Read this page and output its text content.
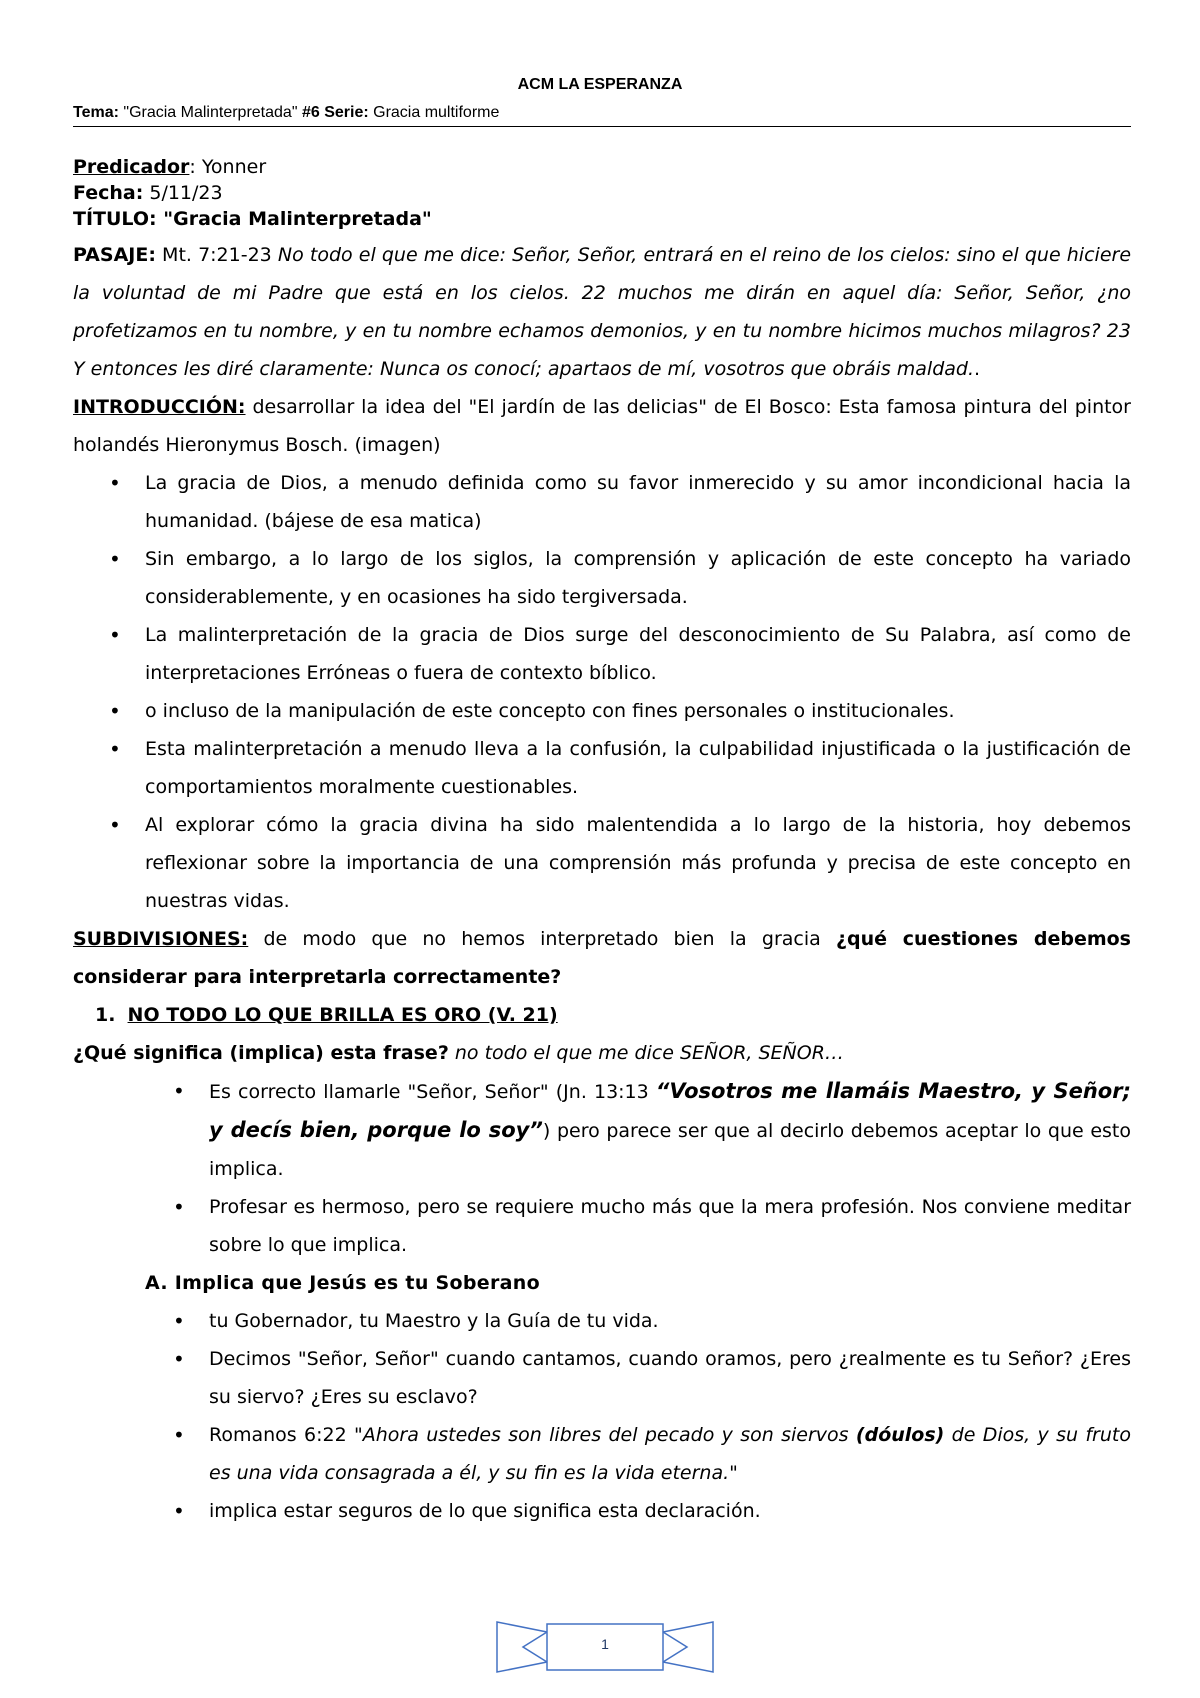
ACM LA ESPERANZA
Tema: "Gracia Malinterpretada" #6 Serie: Gracia multiforme

Predicador: Yonner

Fecha: 5/11/23

TÍTULO: "Gracia Malinterpretada"

PASAJE: Mt. 7:21-23 No todo el que me dice: Señor, Señor, entrará en el reino de los cielos: sino el que hiciere la voluntad de mi Padre que está en los cielos. 22 muchos me dirán en aquel día: Señor, Señor, ¿no profetizamos en tu nombre, y en tu nombre echamos demonios, y en tu nombre hicimos muchos milagros? 23 Y entonces les diré claramente: Nunca os conocí; apartaos de mí, vosotros que obráis maldad..

INTRODUCCIÓN: desarrollar la idea del "El jardín de las delicias" de El Bosco: Esta famosa pintura del pintor holandés Hieronymus Bosch. (imagen)

• La gracia de Dios, a menudo definida como su favor inmerecido y su amor incondicional hacia la humanidad. (bájese de esa matica)
• Sin embargo, a lo largo de los siglos, la comprensión y aplicación de este concepto ha variado considerablemente, y en ocasiones ha sido tergiversada.
• La malinterpretación de la gracia de Dios surge del desconocimiento de Su Palabra, así como de interpretaciones Erróneas o fuera de contexto bíblico.
• o incluso de la manipulación de este concepto con fines personales o institucionales.
• Esta malinterpretación a menudo lleva a la confusión, la culpabilidad injustificada o la justificación de comportamientos moralmente cuestionables.
• Al explorar cómo la gracia divina ha sido malentendida a lo largo de la historia, hoy debemos reflexionar sobre la importancia de una comprensión más profunda y precisa de este concepto en nuestras vidas.

SUBDIVISIONES: de modo que no hemos interpretado bien la gracia ¿qué cuestiones debemos considerar para interpretarla correctamente?

1. NO TODO LO QUE BRILLA ES ORO (V. 21)

¿Qué significa (implica) esta frase? no todo el que me dice SEÑOR, SEÑOR…

• Es correcto llamarle "Señor, Señor" (Jn. 13:13 “Vosotros me llamáis Maestro, y Señor; y decís bien, porque lo soy”) pero parece ser que al decirlo debemos aceptar lo que esto implica.
• Profesar es hermoso, pero se requiere mucho más que la mera profesión. Nos conviene meditar sobre lo que implica.

A. Implica que Jesús es tu Soberano

• tu Gobernador, tu Maestro y la Guía de tu vida.
• Decimos "Señor, Señor" cuando cantamos, cuando oramos, pero ¿realmente es tu Señor? ¿Eres su siervo? ¿Eres su esclavo?
• Romanos 6:22 "Ahora ustedes son libres del pecado y son siervos (dóulos) de Dios, y su fruto es una vida consagrada a él, y su fin es la vida eterna."
• implica estar seguros de lo que significa esta declaración.
1
